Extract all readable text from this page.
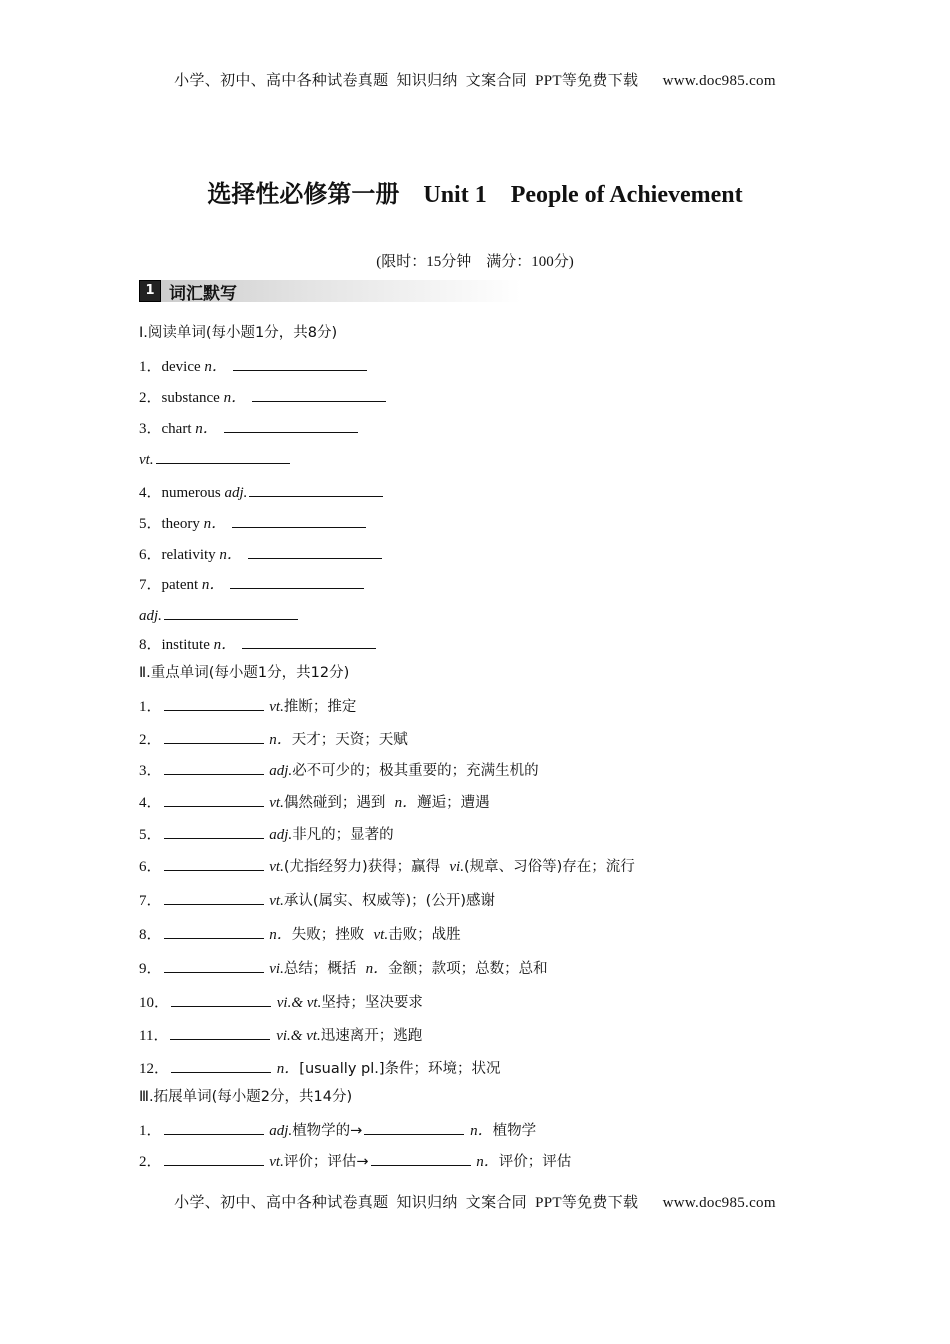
小学、初中、高中各种试卷真题  知识归纳  文案合同  PPT等免费下载      www.doc985.com
选择性必修第一册    Unit 1    People of Achievement
(限时：15分钟    满分：100分)
1 词汇默写
Ⅰ.阅读单词(每小题1分，共8分)
1．device n．
2．substance n．
3．chart n．
vt.
4．numerous adj.
5．theory n．
6．relativity n．
7．patent n．
adj.
8．institute n．
Ⅱ.重点单词(每小题1分，共12分)
1．	vt.推断；推定
2．	n．天才；天资；天赋
3．	adj.必不可少的；极其重要的；充满生机的
4．	vt.偶然碰到；遇到  n．邂逅；遭遇
5．	adj.非凡的；显著的
6．	vt.(尤指经努力)获得；赢得  vi.(规章、习俗等)存在；流行
7．	vt.承认(属实、权威等)；(公开)感谢
8．	n．失败；挫败  vt.击败；战胜
9．	vi.总结；概括  n．金额；款项；总数；总和
10．	vi.& vt.坚持；坚决要求
11．	vi.& vt.迅速离开；逃跑
12．	n．[usually pl.]条件；环境；状况
Ⅲ.拓展单词(每小题2分，共14分)
1．	adj.植物学的→	n．植物学
2．	vt.评价；评估→	n．评价；评估
小学、初中、高中各种试卷真题  知识归纳  文案合同  PPT等免费下载      www.doc985.com
